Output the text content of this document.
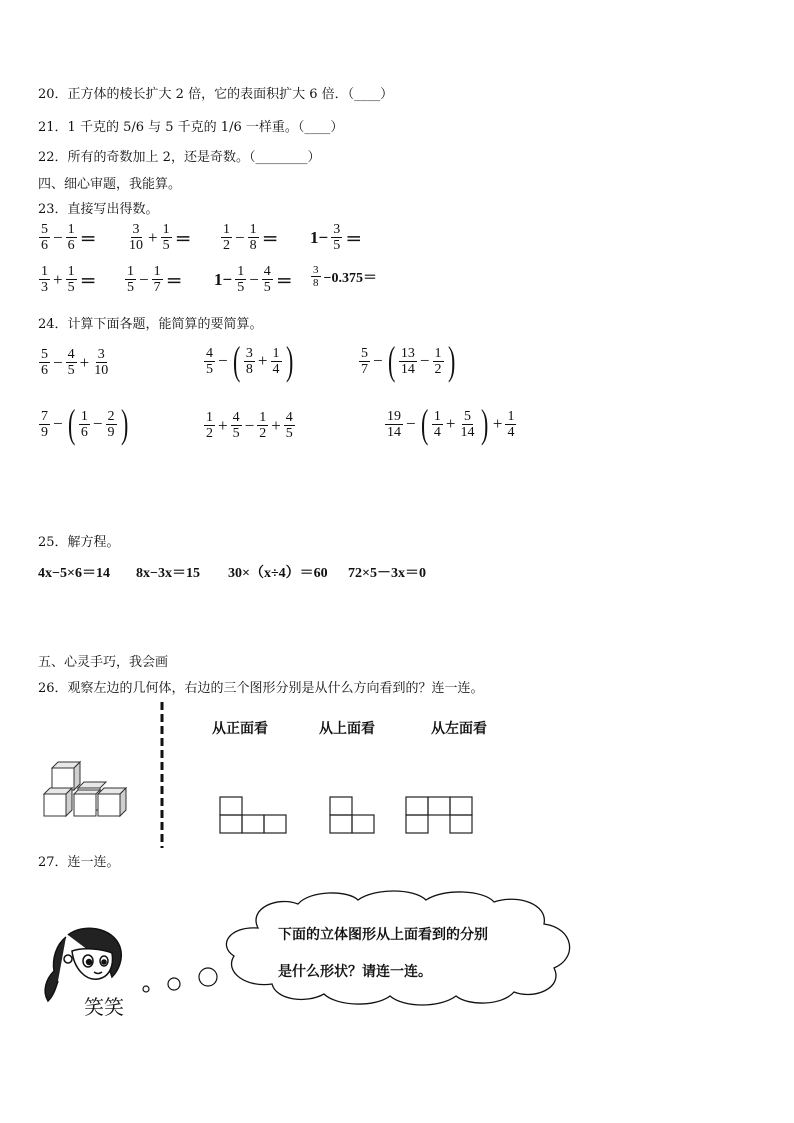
20．正方体的棱长扩大 2 倍，它的表面积扩大 6 倍．（____）
21．1 千克的 5/6 与 5 千克的 1/6 一样重。（____）
22．所有的奇数加上 2，还是奇数。（________）
四、细心审题，我能算。
23．直接写出得数。
$\frac{5}{6} - \frac{1}{6} = \frac{3}{10} + \frac{1}{5} = \frac{1}{2} - \frac{1}{8} = 1- \frac{3}{5}$ ＝
$\frac{1}{3} + \frac{1}{5} = \frac{1}{5} - \frac{1}{7} = 1- \frac{1}{5} - \frac{4}{5} = \frac{3}{8} -0.375=$
24．计算下面各题，能简算的要简算。
$\frac{5}{6} - \frac{4}{5} + \frac{3}{10}$	$\frac{4}{5}$ − ( $\frac{3}{8} + \frac{1}{4}$ )	$\frac{5}{7}$ − ( $\frac{13}{14} - \frac{1}{2}$ )
$\frac{7}{9}$ − ( $\frac{1}{6} - \frac{2}{9}$ )	$\frac{1}{2} + \frac{4}{5} - \frac{1}{2} + \frac{4}{5}$	$\frac{19}{14}$ − ( $\frac{1}{4} + \frac{5}{14}$ ) + $\frac{1}{4}$
25．解方程。
4x−5×6＝14 8x−3x＝15 30×（x÷4）＝60 72×5－3x＝0
五、心灵手巧，我会画
26．观察左边的几何体，右边的三个图形分别是从什么方向看到的？连一连。
从正面看	从上面看	从左面看
27．连一连。
笑笑
下面的立体图形从上面看到的分别
是什么形状？请连一连。
